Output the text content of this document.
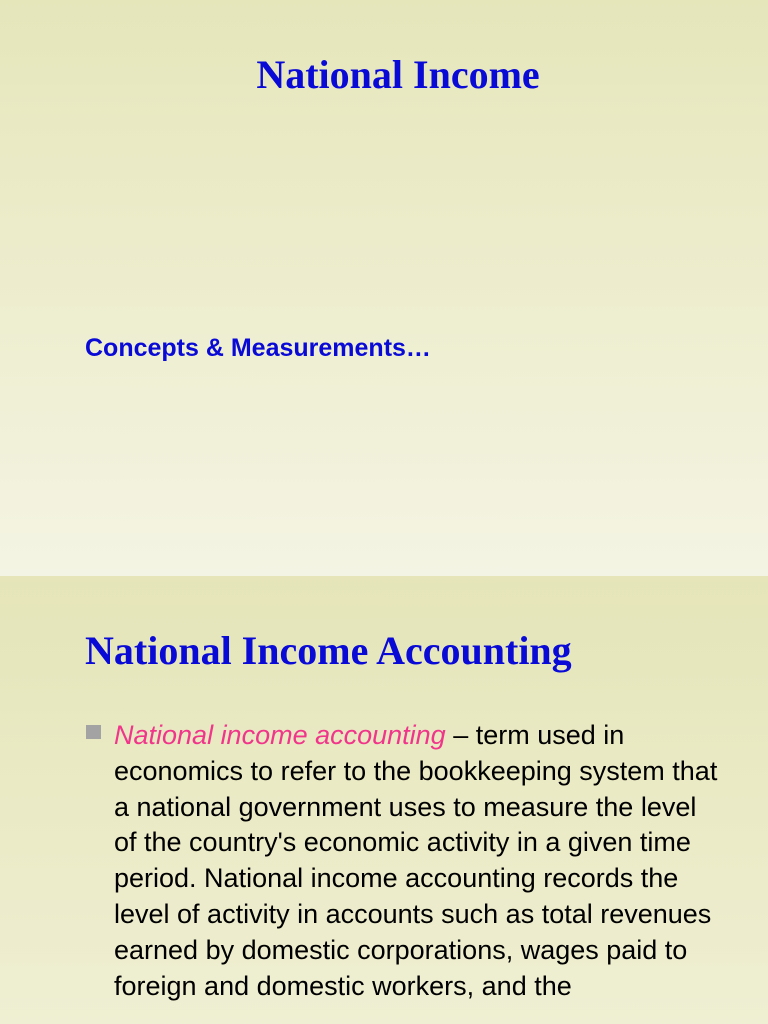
National Income

Concepts & Measurements…

National Income Accounting

National income accounting – term used in economics to refer to the bookkeeping system that a national government uses to measure the level of the country's economic activity in a given time period. National income accounting records the level of activity in accounts such as total revenues earned by domestic corporations, wages paid to foreign and domestic workers, and the
